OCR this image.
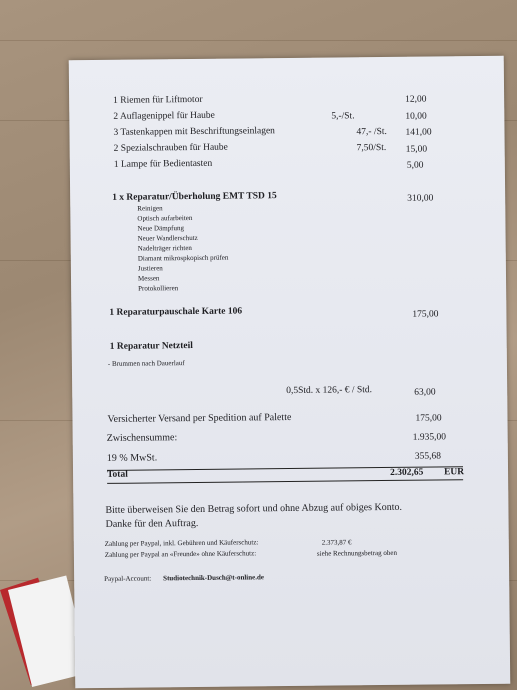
1 Riemen für Liftmotor	12,00
2 Auflagenippel für Haube	5,-/St.	10,00
3 Tastenkappen mit Beschriftungseinlagen	47,- /St. 141,00
2 Spezialschrauben für Haube	7,50/St. 15,00
1 Lampe für Bedientasten	5,00
1 x Reparatur/Überholung EMT TSD 15	310,00
Reinigen
Optisch aufarbeiten
Neue Dämpfung
Neuer Wandlerschutz
Nadelträger richten
Diamant mikrospkopisch prüfen
Justieren
Messen
Protokollieren
1 Reparaturpauschale Karte 106	175,00
1 Reparatur Netzteil
- Brummen nach Dauerlauf
0,5Std. x 126,- € / Std.	63,00
Versicherter Versand per Spedition auf Palette	175,00
Zwischensumme:	1.935,00
19 % MwSt.	355,68
Total	2.302,65 EUR
Bitte überweisen Sie den Betrag sofort und ohne Abzug auf obiges Konto.
Danke für den Auftrag.
Zahlung per Paypal, inkl. Gebühren und Käuferschutz:	2.373,87 €
Zahlung per Paypal an «Freunde» ohne Käuferschutz:	siehe Rechnungsbetrag oben
Paypal-Account: Studiotechnik-Dusch@t-online.de
